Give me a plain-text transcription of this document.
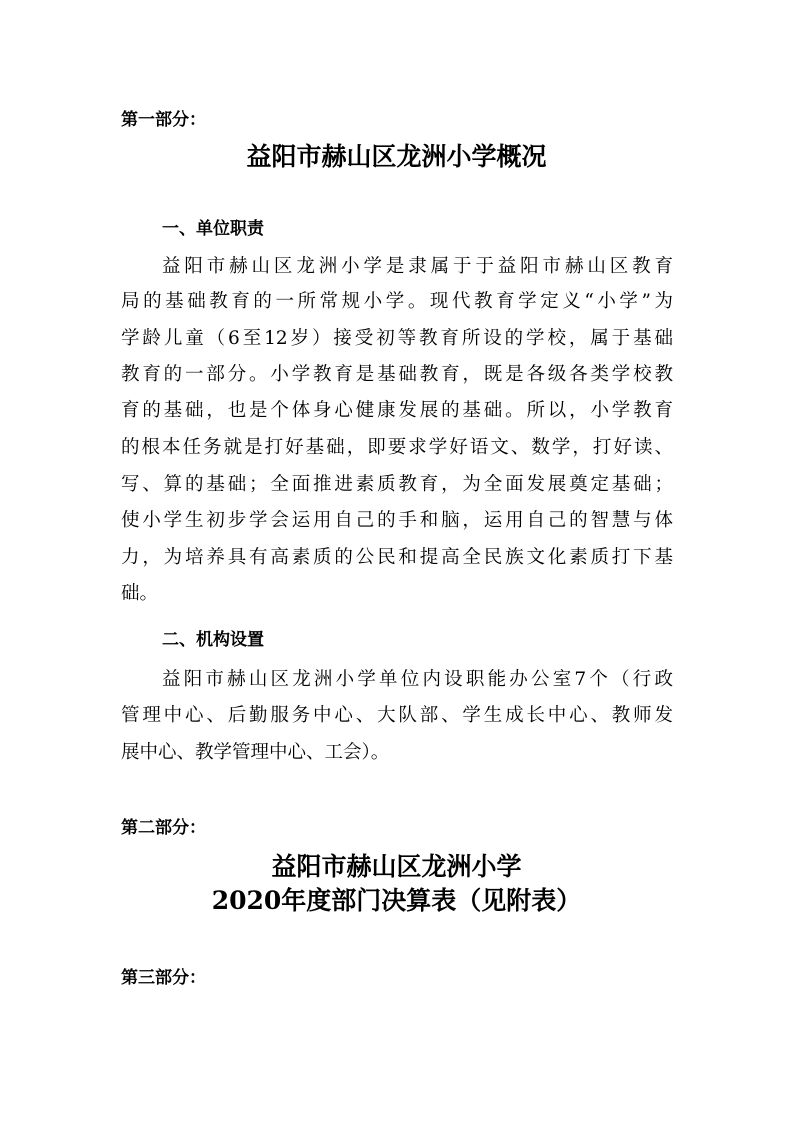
第一部分：
益阳市赫山区龙洲小学概况
一、单位职责
益阳市赫山区龙洲小学是隶属于于益阳市赫山区教育
局的基础教育的一所常规小学。现代教育学定义“小学”为
学龄儿童（6至12岁）接受初等教育所设的学校，属于基础
教育的一部分。小学教育是基础教育，既是各级各类学校教
育的基础，也是个体身心健康发展的基础。所以，小学教育
的根本任务就是打好基础，即要求学好语文、数学，打好读、
写、算的基础；全面推进素质教育，为全面发展奠定基础；
使小学生初步学会运用自己的手和脑，运用自己的智慧与体
力，为培养具有高素质的公民和提高全民族文化素质打下基
础。
二、机构设置
益阳市赫山区龙洲小学单位内设职能办公室7个（行政
管理中心、后勤服务中心、大队部、学生成长中心、教师发
展中心、教学管理中心、工会）。
第二部分：
益阳市赫山区龙洲小学
2020年度部门决算表（见附表）
第三部分：
